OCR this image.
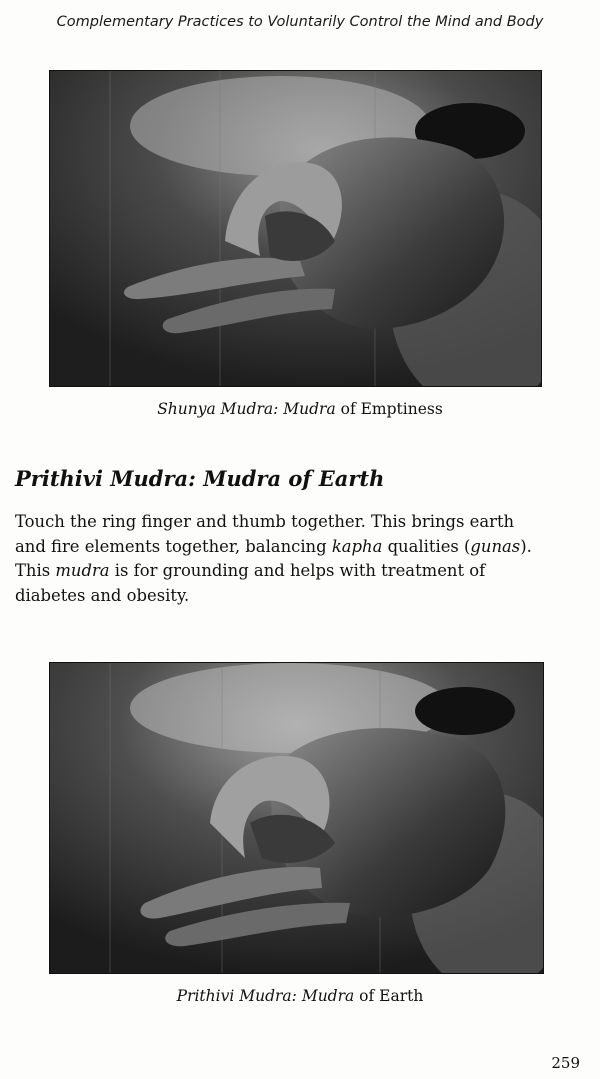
Complementary Practices to Voluntarily Control the Mind and Body
Shunya Mudra: Mudra of Emptiness
Prithivi Mudra: Mudra of Earth

Touch the ring finger and thumb together. This brings earth
and fire elements together, balancing kapha qualities (gunas).
This mudra is for grounding and helps with treatment of
diabetes and obesity.

Prithivi Mudra: Mudra of Earth
259
